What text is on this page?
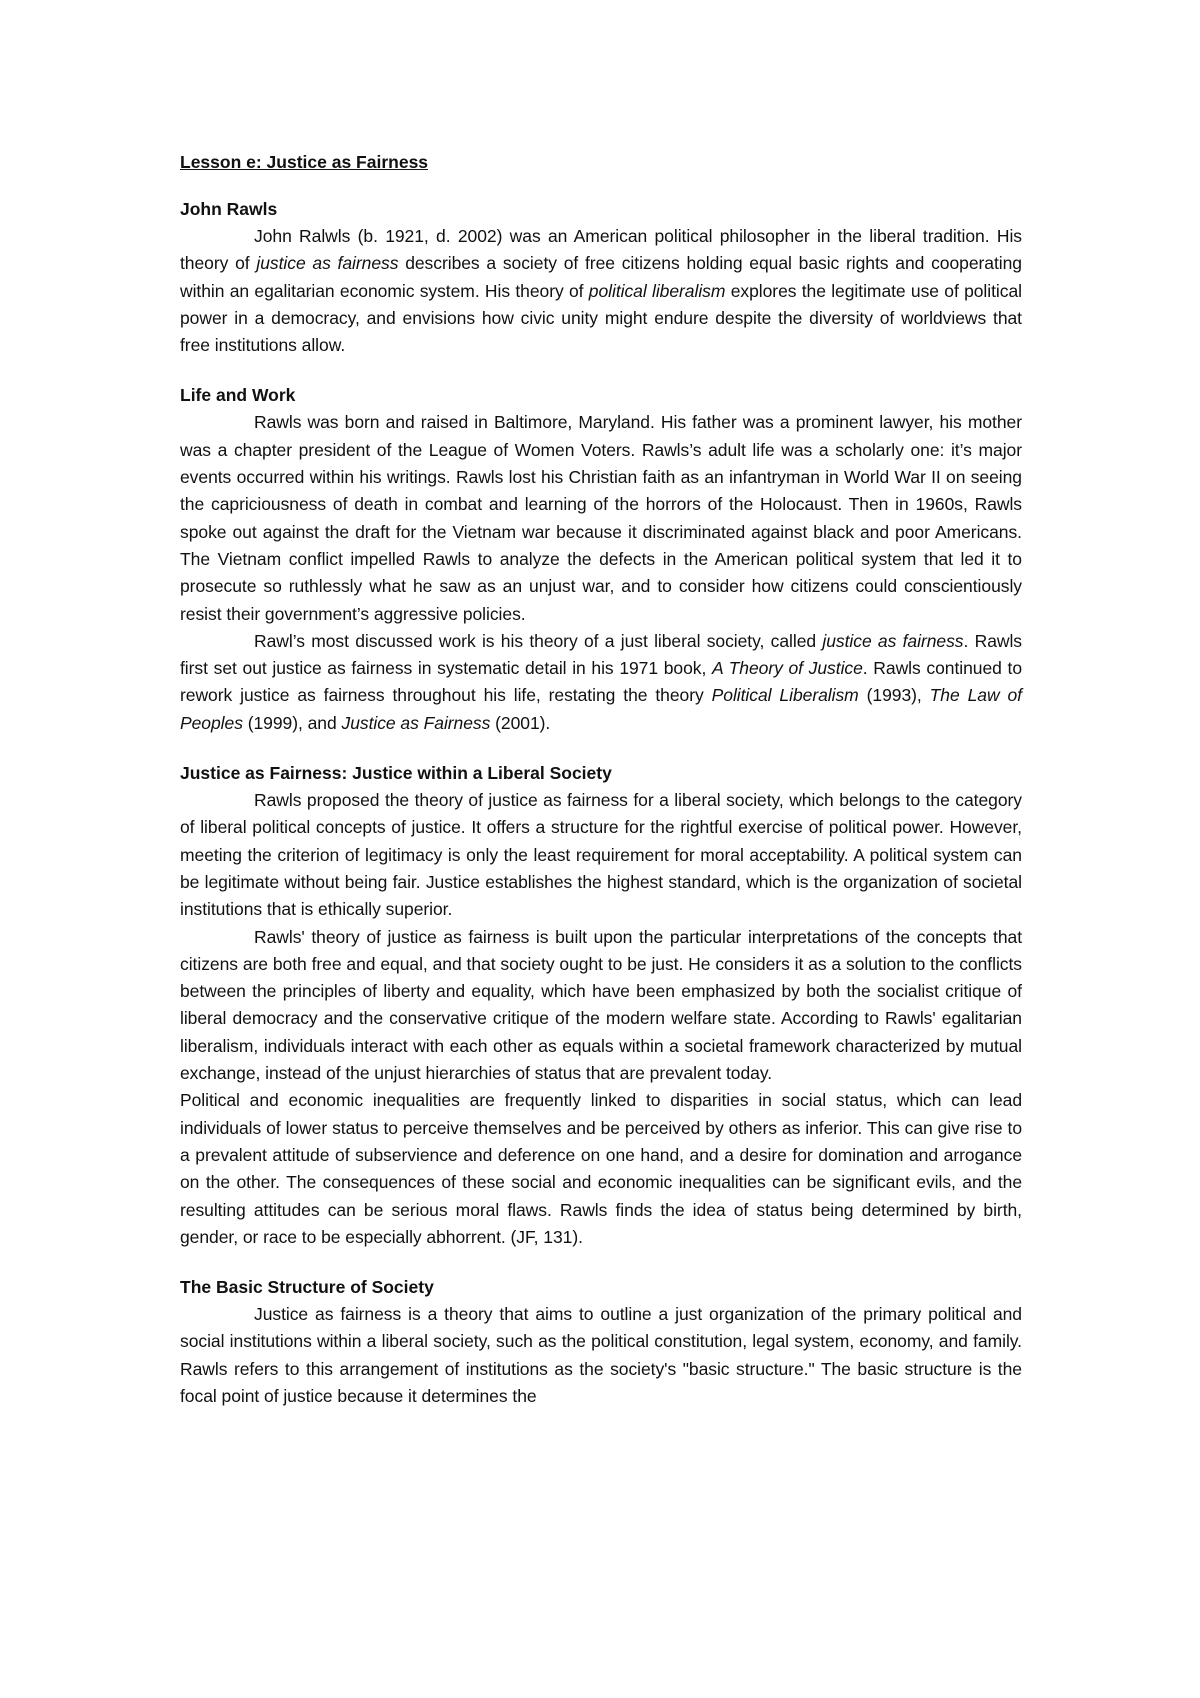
Lesson e: Justice as Fairness

John Rawls

John Ralwls (b. 1921, d. 2002) was an American political philosopher in the liberal tradition. His theory of justice as fairness describes a society of free citizens holding equal basic rights and cooperating within an egalitarian economic system. His theory of political liberalism explores the legitimate use of political power in a democracy, and envisions how civic unity might endure despite the diversity of worldviews that free institutions allow.

Life and Work

Rawls was born and raised in Baltimore, Maryland. His father was a prominent lawyer, his mother was a chapter president of the League of Women Voters. Rawls’s adult life was a scholarly one: it’s major events occurred within his writings. Rawls lost his Christian faith as an infantryman in World War II on seeing the capriciousness of death in combat and learning of the horrors of the Holocaust. Then in 1960s, Rawls spoke out against the draft for the Vietnam war because it discriminated against black and poor Americans. The Vietnam conflict impelled Rawls to analyze the defects in the American political system that led it to prosecute so ruthlessly what he saw as an unjust war, and to consider how citizens could conscientiously resist their government’s aggressive policies.

Rawl’s most discussed work is his theory of a just liberal society, called justice as fairness. Rawls first set out justice as fairness in systematic detail in his 1971 book, A Theory of Justice. Rawls continued to rework justice as fairness throughout his life, restating the theory Political Liberalism (1993), The Law of Peoples (1999), and Justice as Fairness (2001).

Justice as Fairness: Justice within a Liberal Society

Rawls proposed the theory of justice as fairness for a liberal society, which belongs to the category of liberal political concepts of justice. It offers a structure for the rightful exercise of political power. However, meeting the criterion of legitimacy is only the least requirement for moral acceptability. A political system can be legitimate without being fair. Justice establishes the highest standard, which is the organization of societal institutions that is ethically superior.

Rawls' theory of justice as fairness is built upon the particular interpretations of the concepts that citizens are both free and equal, and that society ought to be just. He considers it as a solution to the conflicts between the principles of liberty and equality, which have been emphasized by both the socialist critique of liberal democracy and the conservative critique of the modern welfare state. According to Rawls' egalitarian liberalism, individuals interact with each other as equals within a societal framework characterized by mutual exchange, instead of the unjust hierarchies of status that are prevalent today.

Political and economic inequalities are frequently linked to disparities in social status, which can lead individuals of lower status to perceive themselves and be perceived by others as inferior. This can give rise to a prevalent attitude of subservience and deference on one hand, and a desire for domination and arrogance on the other. The consequences of these social and economic inequalities can be significant evils, and the resulting attitudes can be serious moral flaws. Rawls finds the idea of status being determined by birth, gender, or race to be especially abhorrent. (JF, 131).

The Basic Structure of Society

Justice as fairness is a theory that aims to outline a just organization of the primary political and social institutions within a liberal society, such as the political constitution, legal system, economy, and family. Rawls refers to this arrangement of institutions as the society's "basic structure." The basic structure is the focal point of justice because it determines the
